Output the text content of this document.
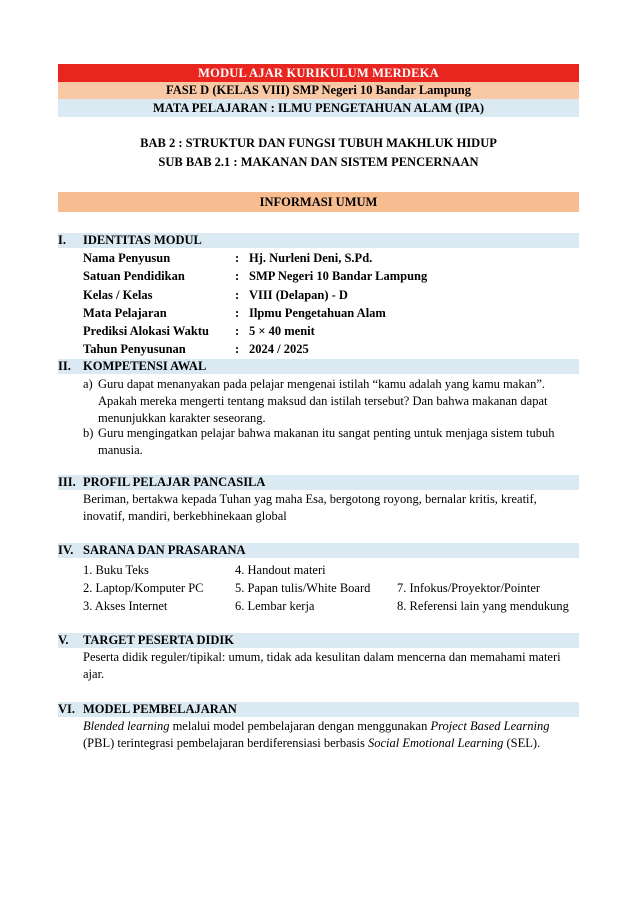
MODUL AJAR KURIKULUM MERDEKA
FASE D (KELAS VIII) SMP Negeri 10 Bandar Lampung
MATA PELAJARAN : ILMU PENGETAHUAN ALAM (IPA)
BAB 2 : STRUKTUR DAN FUNGSI TUBUH MAKHLUK HIDUP
SUB BAB 2.1 : MAKANAN DAN SISTEM PENCERNAAN
INFORMASI UMUM
I. IDENTITAS MODUL
Nama Penyusun	: Hj. Nurleni Deni, S.Pd.
Satuan Pendidikan	: SMP Negeri 10 Bandar Lampung
Kelas / Kelas	: VIII (Delapan) - D
Mata Pelajaran	: Ilpmu Pengetahuan Alam
Prediksi Alokasi Waktu : 5 × 40 menit
Tahun Penyusunan	: 2024 / 2025
II. KOMPETENSI AWAL
a) Guru dapat menanyakan pada pelajar mengenai istilah “kamu adalah yang kamu makan”. Apakah mereka mengerti tentang maksud dan istilah tersebut? Dan bahwa makanan dapat menunjukkan karakter seseorang.
b) Guru mengingatkan pelajar bahwa makanan itu sangat penting untuk menjaga sistem tubuh manusia.
III. PROFIL PELAJAR PANCASILA
Beriman, bertakwa kepada Tuhan yag maha Esa, bergotong royong, bernalar kritis, kreatif, inovatif, mandiri, berkebhinekaan global
IV. SARANA DAN PRASARANA
1. Buku Teks
2. Laptop/Komputer PC
3. Akses Internet
4. Handout materi
5. Papan tulis/White Board
6. Lembar kerja
7. Infokus/Proyektor/Pointer
8. Referensi lain yang mendukung
V. TARGET PESERTA DIDIK
Peserta didik reguler/tipikal: umum, tidak ada kesulitan dalam mencerna dan memahami materi ajar.
VI. MODEL PEMBELAJARAN
Blended learning melalui model pembelajaran dengan menggunakan Project Based Learning (PBL) terintegrasi pembelajaran berdiferensiasi berbasis Social Emotional Learning (SEL).
